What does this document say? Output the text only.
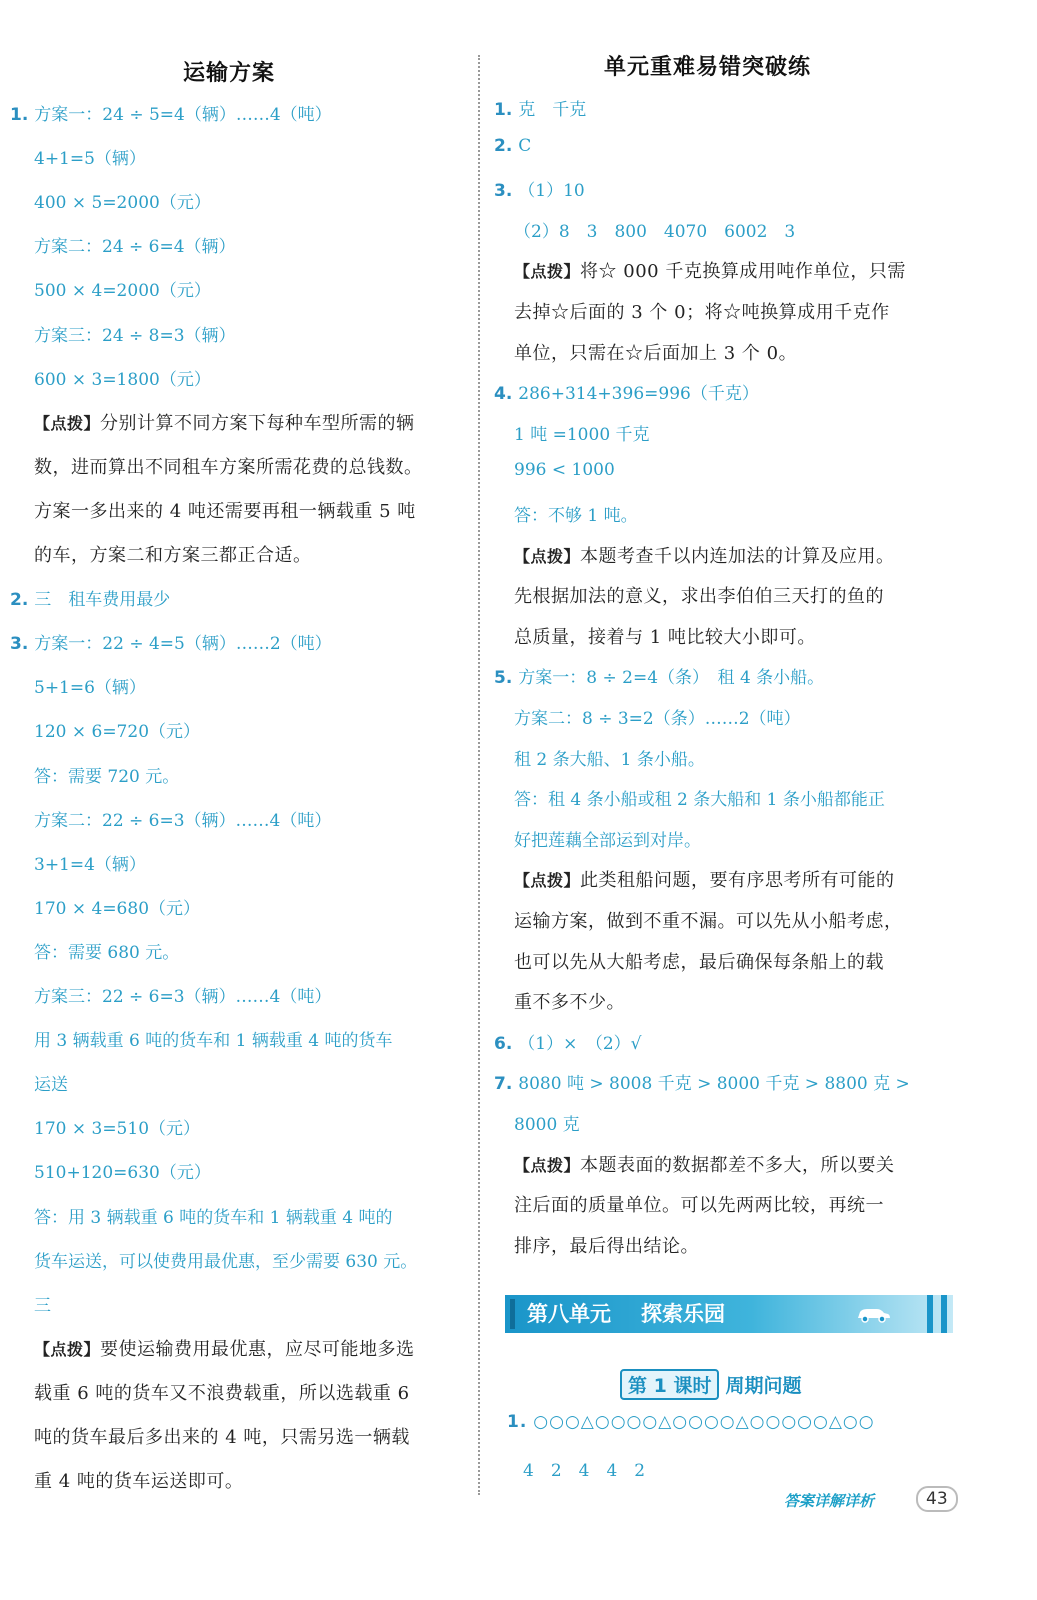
运输方案
1. 方案一：24 ÷ 5=4（辆）……4（吨）
4+1=5（辆）
400 × 5=2000（元）
方案二：24 ÷ 6=4（辆）
500 × 4=2000（元）
方案三：24 ÷ 8=3（辆）
600 × 3=1800（元）
【点拨】分别计算不同方案下每种车型所需的辆
数，进而算出不同租车方案所需花费的总钱数。
方案一多出来的 4 吨还需要再租一辆载重 5 吨
的车，方案二和方案三都正合适。
2. 三　租车费用最少
3. 方案一：22 ÷ 4=5（辆）……2（吨）
5+1=6（辆）
120 × 6=720（元）
答：需要 720 元。
方案二：22 ÷ 6=3（辆）……4（吨）
3+1=4（辆）
170 × 4=680（元）
答：需要 680 元。
方案三：22 ÷ 6=3（辆）……4（吨）
用 3 辆载重 6 吨的货车和 1 辆载重 4 吨的货车
运送
170 × 3=510（元）
510+120=630（元）
答：用 3 辆载重 6 吨的货车和 1 辆载重 4 吨的
货车运送，可以使费用最优惠，至少需要 630 元。
三
【点拨】要使运输费用最优惠，应尽可能地多选
载重 6 吨的货车又不浪费载重，所以选载重 6
吨的货车最后多出来的 4 吨，只需另选一辆载
重 4 吨的货车运送即可。
单元重难易错突破练
1. 克　千克
2. C
3. （1）10
（2）8　3　800　4070　6002　3
【点拨】将☆ 000 千克换算成用吨作单位，只需
去掉☆后面的 3 个 0；将☆吨换算成用千克作
单位，只需在☆后面加上 3 个 0。
4. 286+314+396=996（千克）
1 吨 =1000 千克
996 < 1000
答：不够 1 吨。
【点拨】本题考查千以内连加法的计算及应用。
先根据加法的意义，求出李伯伯三天打的鱼的
总质量，接着与 1 吨比较大小即可。
5. 方案一：8 ÷ 2=4（条）　租 4 条小船。
方案二：8 ÷ 3=2（条）……2（吨）
租 2 条大船、1 条小船。
答：租 4 条小船或租 2 条大船和 1 条小船都能正
好把莲藕全部运到对岸。
【点拨】此类租船问题，要有序思考所有可能的
运输方案，做到不重不漏。可以先从小船考虑，
也可以先从大船考虑，最后确保每条船上的载
重不多不少。
6. （1）×　（2）√
7. 8080 吨 > 8008 千克 > 8000 千克 > 8800 克 >
8000 克
【点拨】本题表面的数据都差不多大，所以要关
注后面的质量单位。可以先两两比较，再统一
排序，最后得出结论。
第八单元 探索乐园
第 1 课时 周期问题
1. ○○○△○○○○△○○○○△○○○○○△○○
4　2　4　4　2
答案详解详析	43
